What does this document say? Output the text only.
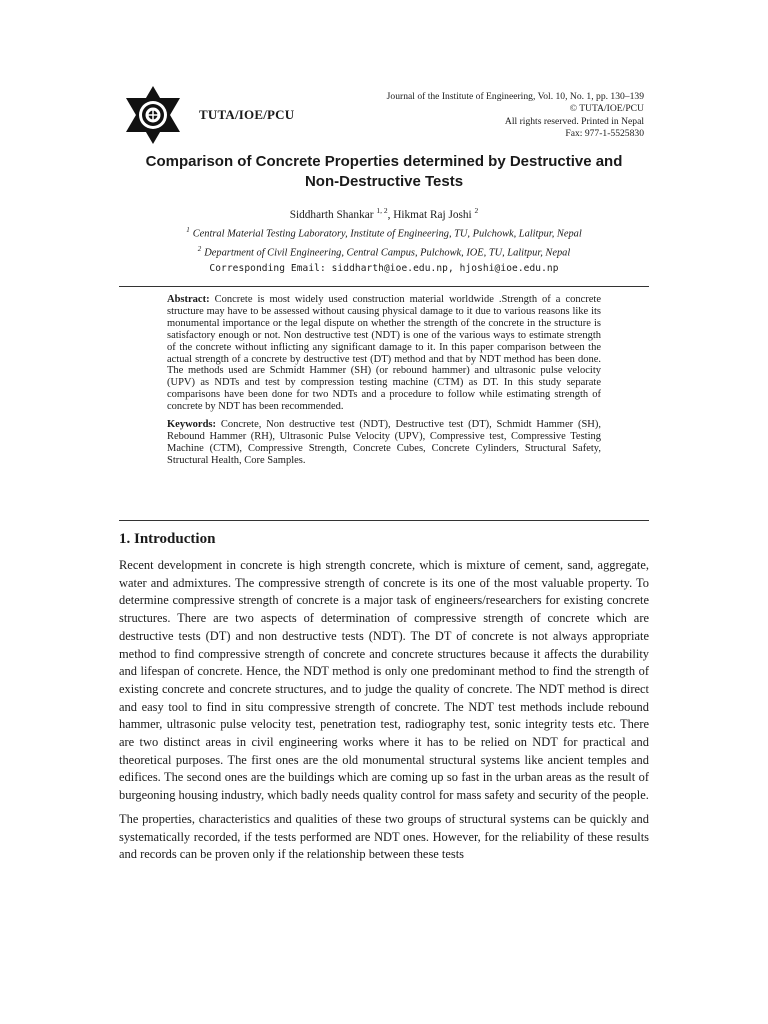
TUTA/IOE/PCU
Journal of the Institute of Engineering, Vol. 10, No. 1, pp. 130–139
© TUTA/IOE/PCU
All rights reserved. Printed in Nepal
Fax: 977-1-5525830
Comparison of Concrete Properties determined by Destructive and
Non-Destructive Tests
Siddharth Shankar $^{1, 2}$, Hikmat Raj Joshi $^2$
$^1$ Central Material Testing Laboratory, Institute of Engineering, TU, Pulchowk, Lalitpur, Nepal
$^2$ Department of Civil Engineering, Central Campus, Pulchowk, IOE, TU, Lalitpur, Nepal
Corresponding Email: siddharth@ioe.edu.np, hjoshi@ioe.edu.np

Abstract: Concrete is most widely used construction material worldwide .Strength of a concrete structure may have to be assessed without causing physical damage to it due to various reasons like its monumental importance or the legal dispute on whether the strength of the concrete in the structure is satisfactory enough or not. Non destructive test (NDT) is one of the various ways to estimate strength of the concrete without inflicting any significant damage to it. In this paper comparison between the actual strength of a concrete by destructive test (DT) method and that by NDT method has been done. The methods used are Schmidt Hammer (SH) (or rebound hammer) and ultrasonic pulse velocity (UPV) as NDTs and test by compression testing machine (CTM) as DT. In this study separate comparisons have been done for two NDTs and a procedure to follow while estimating strength of concrete by NDT has been recommended.

Keywords: Concrete, Non destructive test (NDT), Destructive test (DT), Schmidt Hammer (SH), Rebound Hammer (RH), Ultrasonic Pulse Velocity (UPV), Compressive test, Compressive Testing Machine (CTM), Compressive Strength, Concrete Cubes, Concrete Cylinders, Structural Safety, Structural Health, Core Samples.

1. Introduction

Recent development in concrete is high strength concrete, which is mixture of cement, sand, aggregate, water and admixtures. The compressive strength of concrete is its one of the most valuable property. To determine compressive strength of concrete is a major task of engineers/researchers for existing concrete structures. There are two aspects of determination of compressive strength of concrete which are destructive tests (DT) and non destructive tests (NDT). The DT of concrete is not always appropriate method to find compressive strength of concrete and concrete structures because it affects the durability and lifespan of concrete. Hence, the NDT method is only one predominant method to find the strength of existing concrete and concrete structures, and to judge the quality of concrete. The NDT method is direct and easy tool to find in situ compressive strength of concrete. The NDT test methods include rebound hammer, ultrasonic pulse velocity test, penetration test, radiography test, sonic integrity tests etc. There are two distinct areas in civil engineering works where it has to be relied on NDT for practical and theoretical purposes. The first ones are the old monumental structural systems like ancient temples and edifices. The second ones are the buildings which are coming up so fast in the urban areas as the result of burgeoning housing industry, which badly needs quality control for mass safety and security of the people.

The properties, characteristics and qualities of these two groups of structural systems can be quickly and systematically recorded, if the tests performed are NDT ones. However, for the reliability of these results and records can be proven only if the relationship between these tests
